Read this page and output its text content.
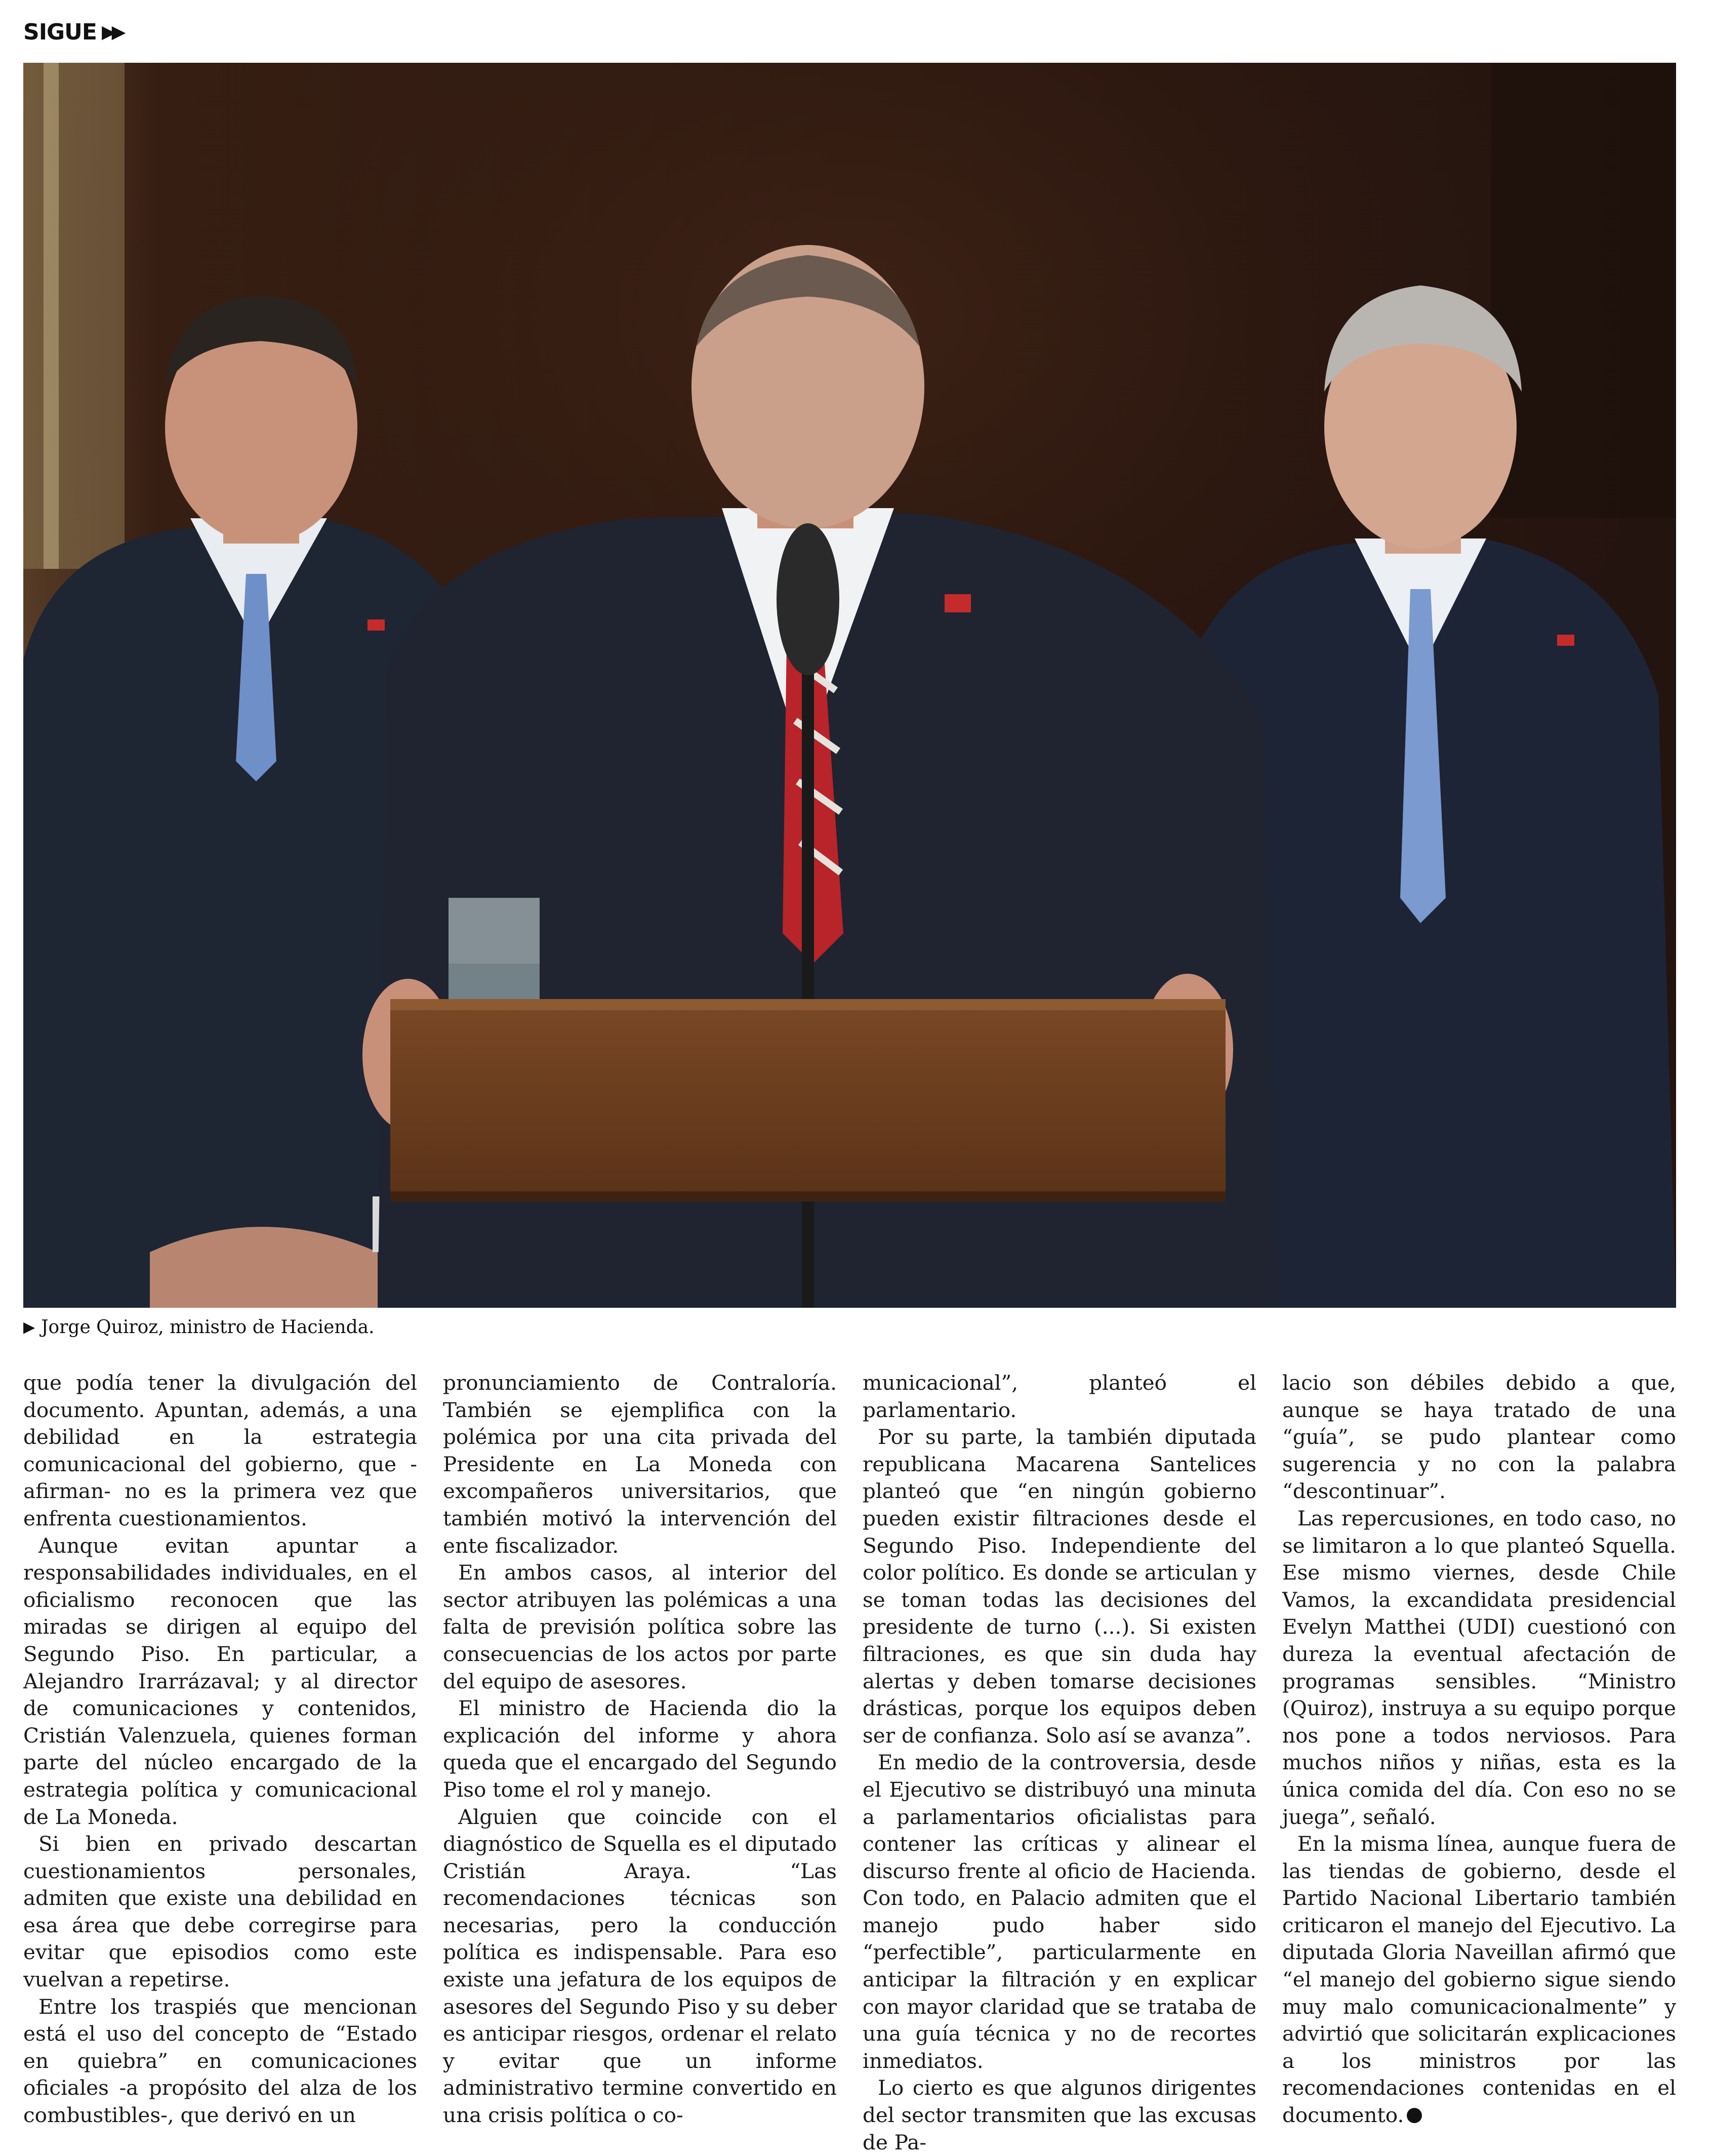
SIGUE ▶▶
▶ Jorge Quiroz, ministro de Hacienda.

que podía tener la divulgación del documento. Apuntan, además, a una debilidad en la estrategia comunicacional del gobierno, que -afirman- no es la primera vez que enfrenta cuestionamientos.

Aunque evitan apuntar a responsabilidades individuales, en el oficialismo reconocen que las miradas se dirigen al equipo del Segundo Piso. En particular, a Alejandro Irarrázaval; y al director de comunicaciones y contenidos, Cristián Valenzuela, quienes forman parte del núcleo encargado de la estrategia política y comunicacional de La Moneda.

Si bien en privado descartan cuestionamientos personales, admiten que existe una debilidad en esa área que debe corregirse para evitar que episodios como este vuelvan a repetirse.

Entre los traspiés que mencionan está el uso del concepto de “Estado en quiebra” en comunicaciones oficiales -a propósito del alza de los combustibles-, que derivó en un

pronunciamiento de Contraloría. También se ejemplifica con la polémica por una cita privada del Presidente en La Moneda con excompañeros universitarios, que también motivó la intervención del ente fiscalizador.

En ambos casos, al interior del sector atribuyen las polémicas a una falta de previsión política sobre las consecuencias de los actos por parte del equipo de asesores.

El ministro de Hacienda dio la explicación del informe y ahora queda que el encargado del Segundo Piso tome el rol y manejo.

Alguien que coincide con el diagnóstico de Squella es el diputado Cristián Araya. “Las recomendaciones técnicas son necesarias, pero la conducción política es indispensable. Para eso existe una jefatura de los equipos de asesores del Segundo Piso y su deber es anticipar riesgos, ordenar el relato y evitar que un informe administrativo termine convertido en una crisis política o co-

municacional”, planteó el parlamentario.

Por su parte, la también diputada republicana Macarena Santelices planteó que “en ningún gobierno pueden existir filtraciones desde el Segundo Piso. Independiente del color político. Es donde se articulan y se toman todas las decisiones del presidente de turno (...). Si existen filtraciones, es que sin duda hay alertas y deben tomarse decisiones drásticas, porque los equipos deben ser de confianza. Solo así se avanza”.

En medio de la controversia, desde el Ejecutivo se distribuyó una minuta a parlamentarios oficialistas para contener las críticas y alinear el discurso frente al oficio de Hacienda. Con todo, en Palacio admiten que el manejo pudo haber sido “perfectible”, particularmente en anticipar la filtración y en explicar con mayor claridad que se trataba de una guía técnica y no de recortes inmediatos.

Lo cierto es que algunos dirigentes del sector transmiten que las excusas de Pa-

lacio son débiles debido a que, aunque se haya tratado de una “guía”, se pudo plantear como sugerencia y no con la palabra “descontinuar”.

Las repercusiones, en todo caso, no se limitaron a lo que planteó Squella. Ese mismo viernes, desde Chile Vamos, la excandidata presidencial Evelyn Matthei (UDI) cuestionó con dureza la eventual afectación de programas sensibles. “Ministro (Quiroz), instruya a su equipo porque nos pone a todos nerviosos. Para muchos niños y niñas, esta es la única comida del día. Con eso no se juega”, señaló.

En la misma línea, aunque fuera de las tiendas de gobierno, desde el Partido Nacional Libertario también criticaron el manejo del Ejecutivo. La diputada Gloria Naveillan afirmó que “el manejo del gobierno sigue siendo muy malo comunicacionalmente” y advirtió que solicitarán explicaciones a los ministros por las recomendaciones contenidas en el documento.
